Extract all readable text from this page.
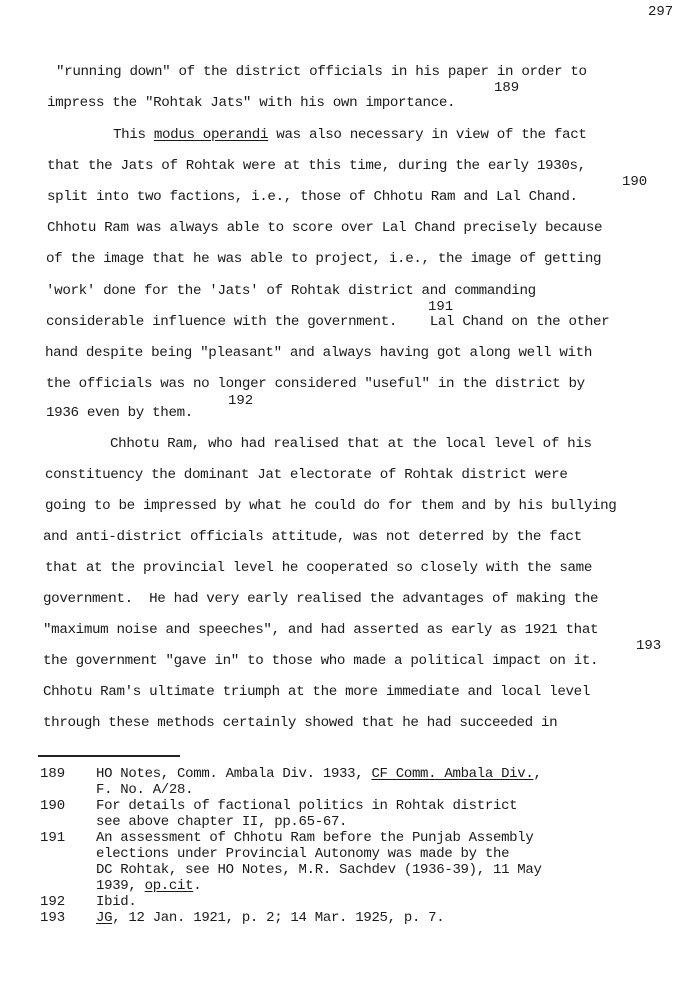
297
"running down" of the district officials in his paper in order to
189
impress the "Rohtak Jats" with his own importance.
This modus operandi was also necessary in view of the fact
that the Jats of Rohtak were at this time, during the early 1930s,
190
split into two factions, i.e., those of Chhotu Ram and Lal Chand.
Chhotu Ram was always able to score over Lal Chand precisely because
of the image that he was able to project, i.e., the image of getting
'work' done for the 'Jats' of Rohtak district and commanding
191
considerable influence with the government.    Lal Chand on the other
hand despite being "pleasant" and always having got along well with
the officials was no longer considered "useful" in the district by
192
1936 even by them.
Chhotu Ram, who had realised that at the local level of his
constituency the dominant Jat electorate of Rohtak district were
going to be impressed by what he could do for them and by his bullying
and anti-district officials attitude, was not deterred by the fact
that at the provincial level he cooperated so closely with the same
government.  He had very early realised the advantages of making the
"maximum noise and speeches", and had asserted as early as 1921 that
193
the government "gave in" to those who made a political impact on it.
Chhotu Ram's ultimate triumph at the more immediate and local level
through these methods certainly showed that he had succeeded in
189 HO Notes, Comm. Ambala Div. 1933, CF Comm. Ambala Div.,
F. No. A/28.
190 For details of factional politics in Rohtak district
see above chapter II, pp.65-67.
191 An assessment of Chhotu Ram before the Punjab Assembly
elections under Provincial Autonomy was made by the
DC Rohtak, see HO Notes, M.R. Sachdev (1936-39), 11 May
1939, op.cit.
192 Ibid.
193 JG, 12 Jan. 1921, p. 2; 14 Mar. 1925, p. 7.
